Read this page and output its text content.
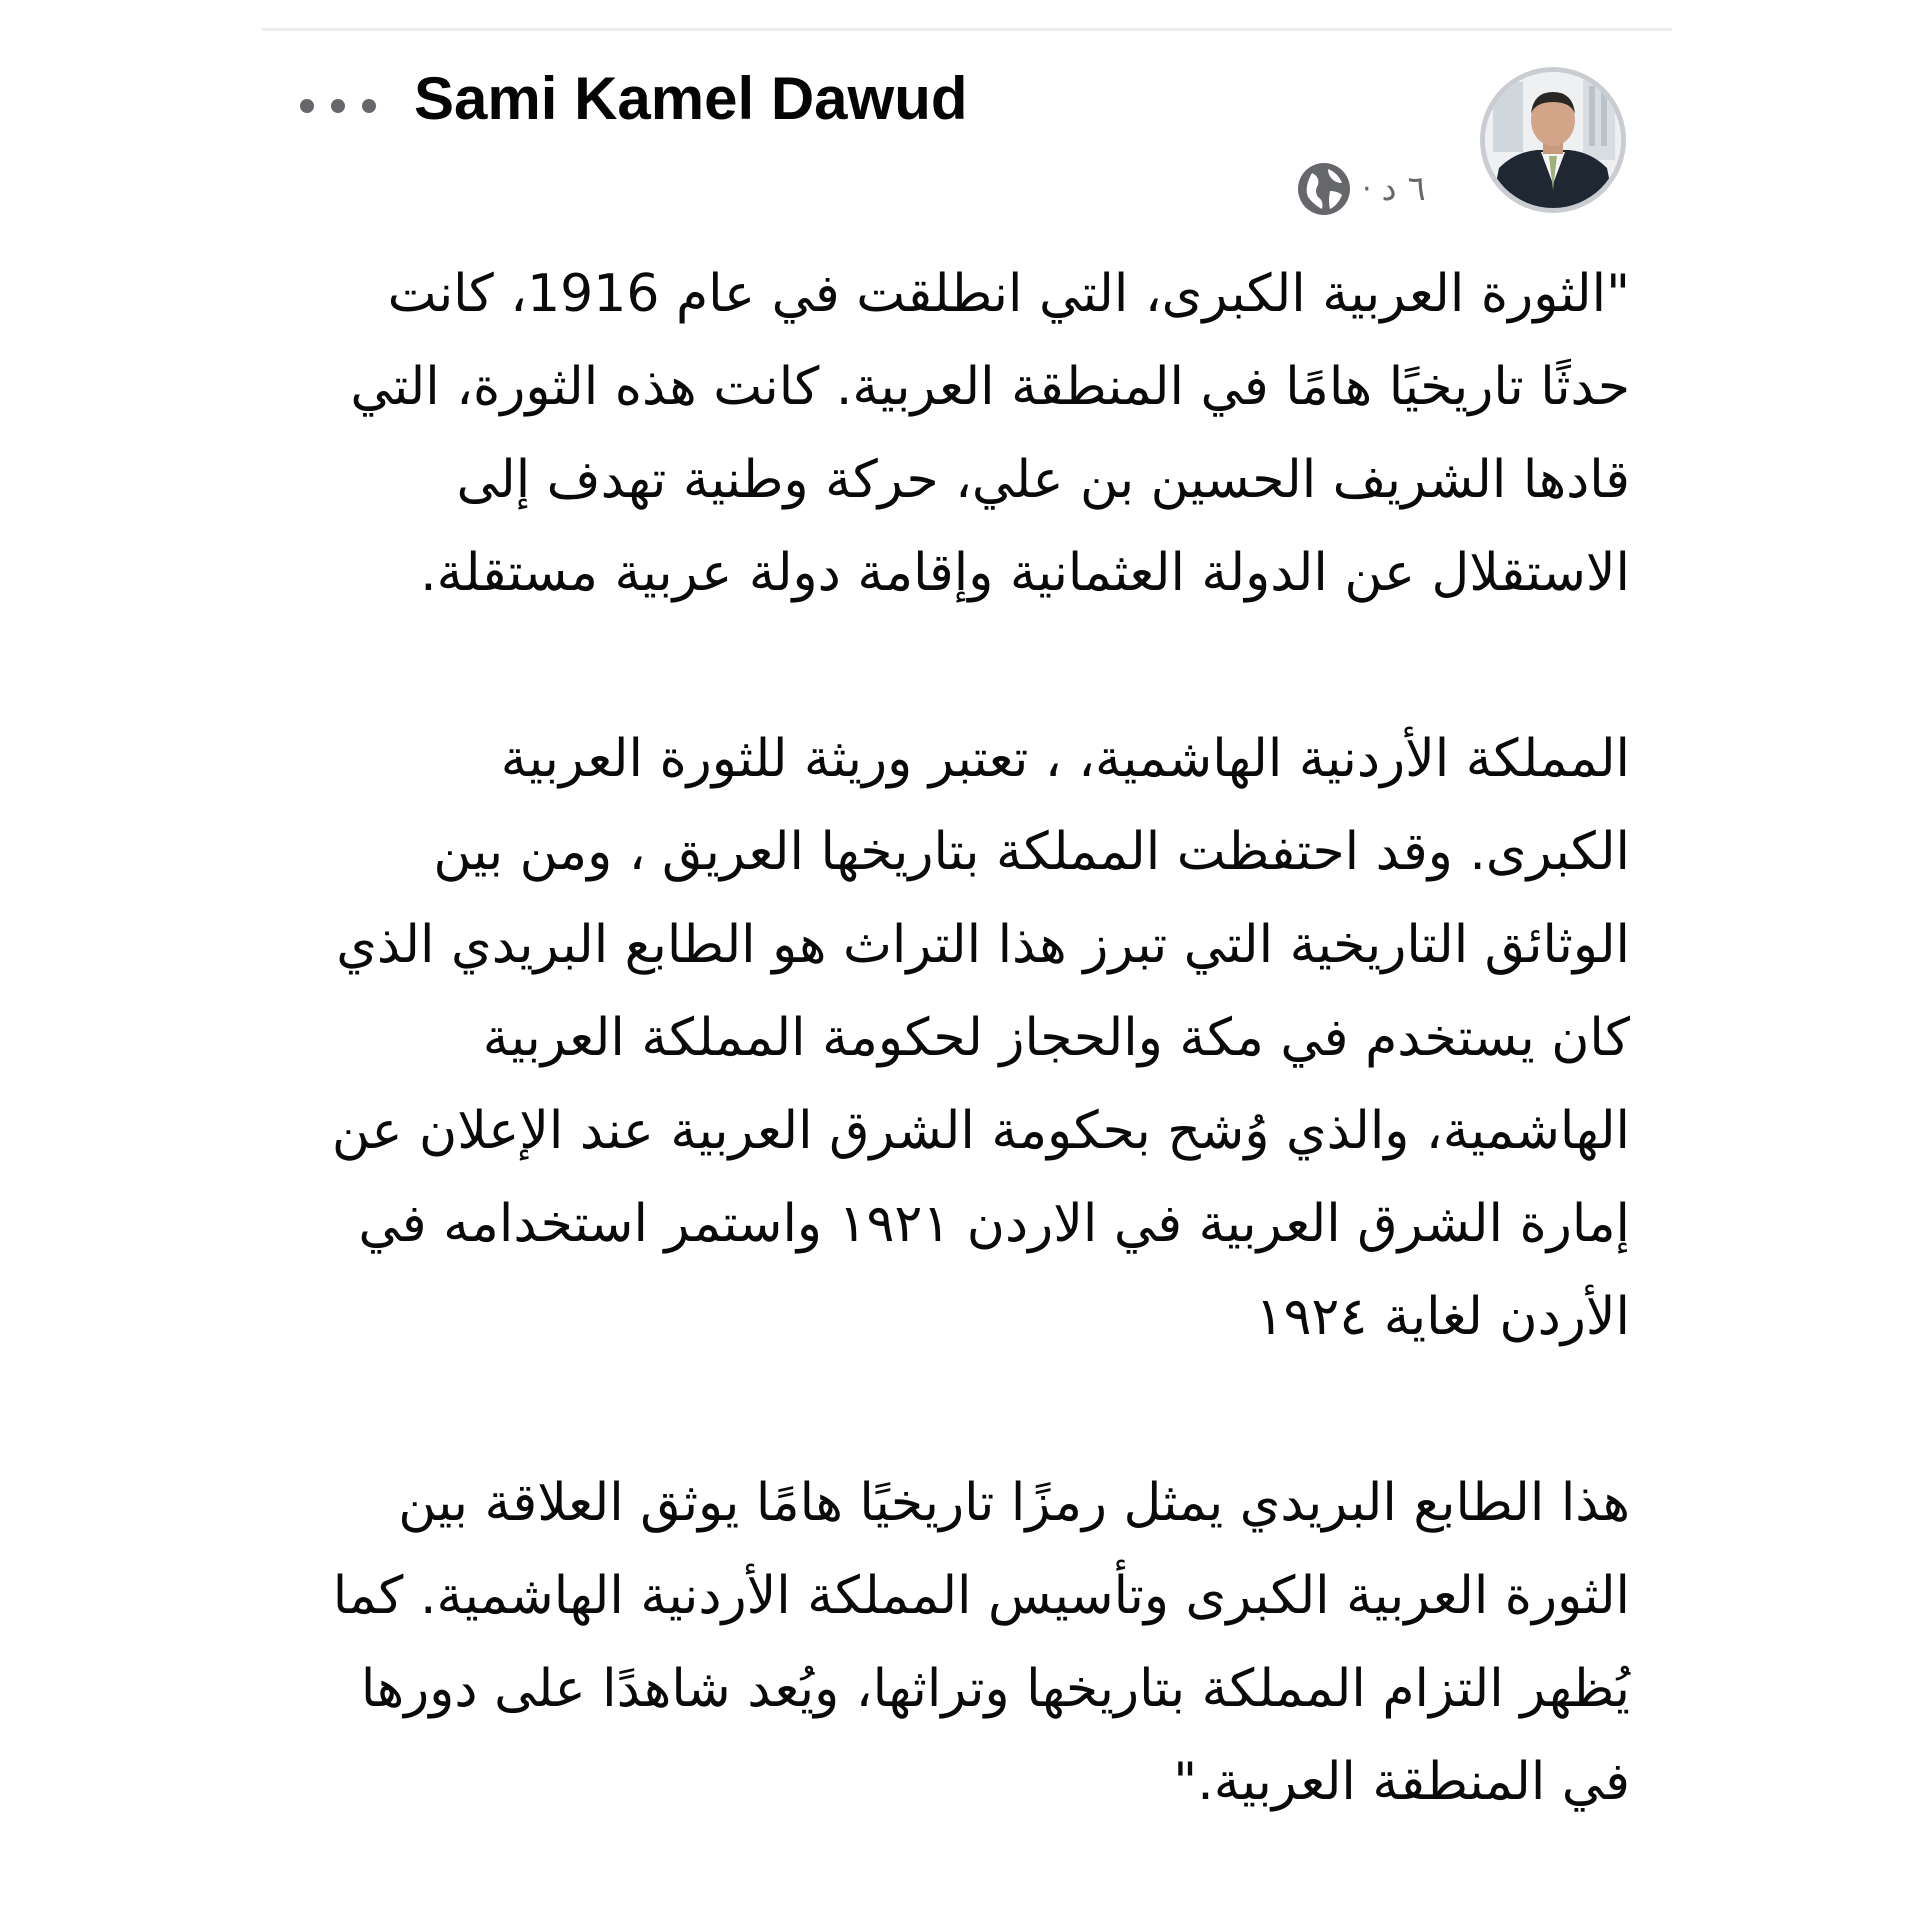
Sami Kamel Dawud
· ٦ د

"الثورة العربية الكبرى، التي انطلقت في عام 1916، كانت حدثًا تاريخيًا هامًا في المنطقة العربية. كانت هذه الثورة، التي قادها الشريف الحسين بن علي، حركة وطنية تهدف إلى الاستقلال عن الدولة العثمانية وإقامة دولة عربية مستقلة.

المملكة الأردنية الهاشمية، ، تعتبر وريثة للثورة العربية الكبرى. وقد احتفظت المملكة بتاريخها العريق ، ومن بين الوثائق التاريخية التي تبرز هذا التراث هو الطابع البريدي الذي كان يستخدم في مكة والحجاز لحكومة المملكة العربية الهاشمية، والذي وُشح بحكومة الشرق العربية عند الإعلان عن إمارة الشرق العربية في الاردن ١٩٢١ واستمر استخدامه في الأردن لغاية ١٩٢٤

هذا الطابع البريدي يمثل رمزًا تاريخيًا هامًا يوثق العلاقة بين الثورة العربية الكبرى وتأسيس المملكة الأردنية الهاشمية. كما يُظهر التزام المملكة بتاريخها وتراثها، ويُعد شاهدًا على دورها في المنطقة العربية."
